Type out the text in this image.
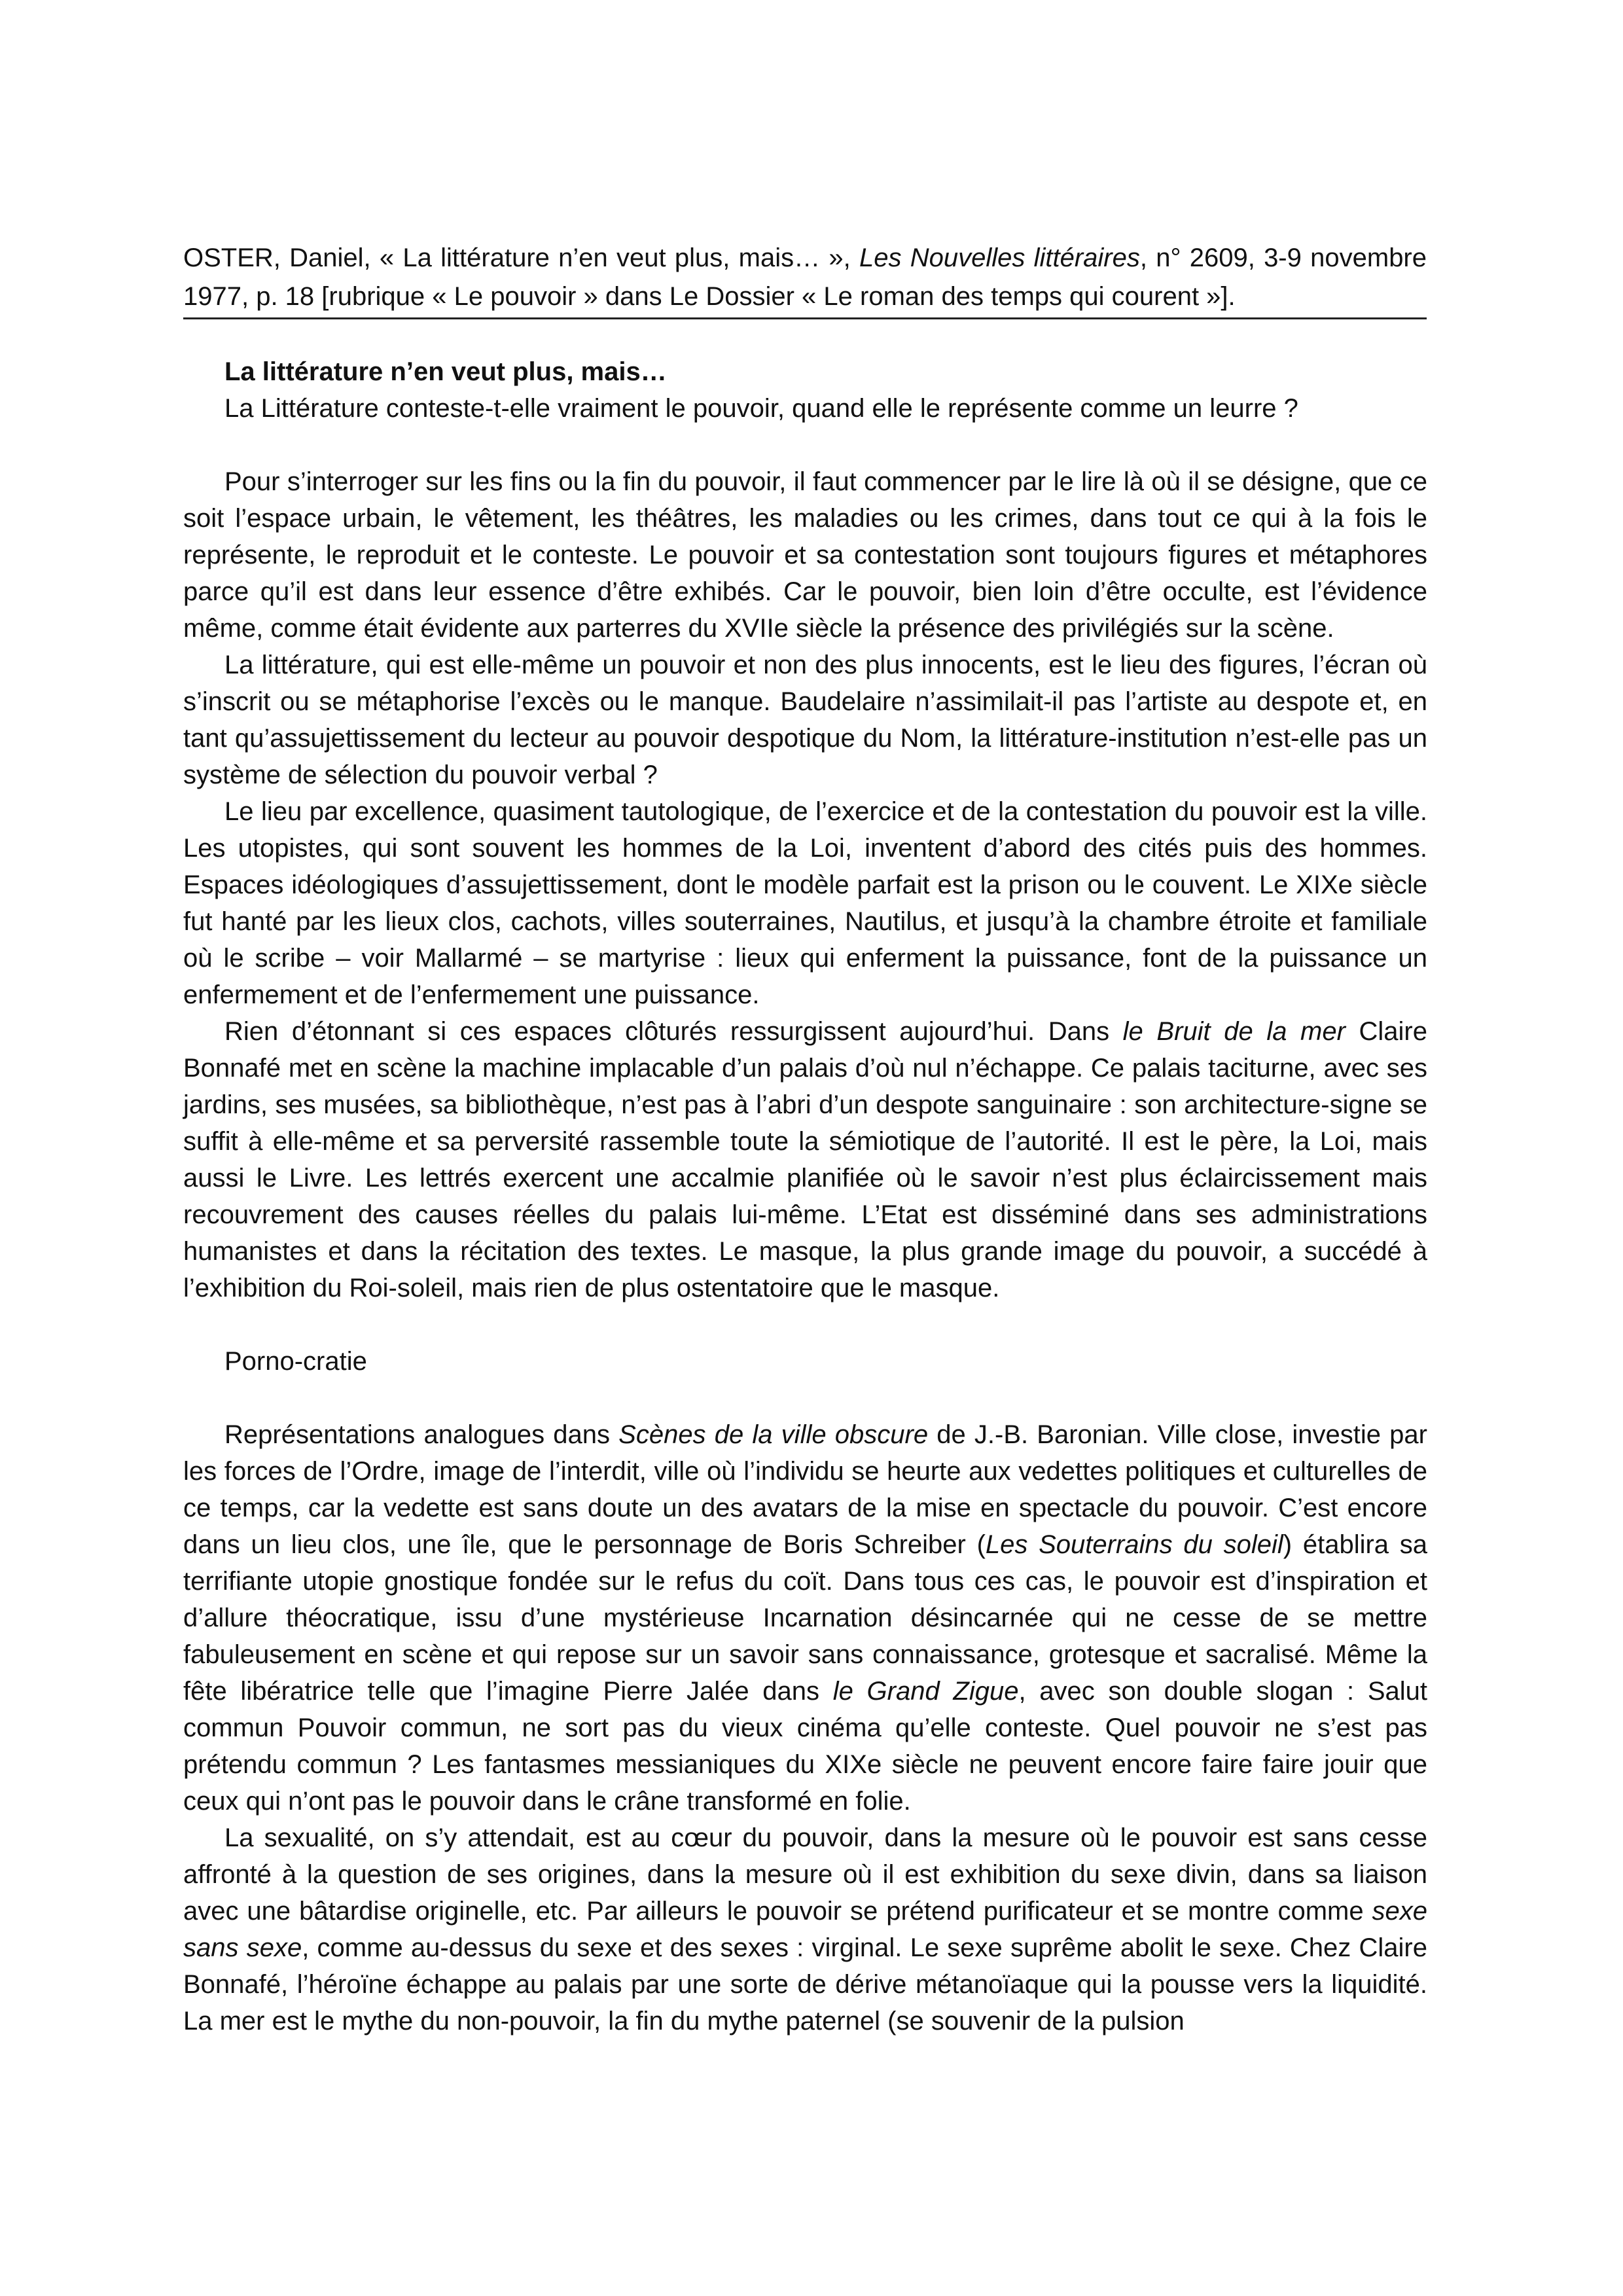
OSTER, Daniel, « La littérature n’en veut plus, mais… », Les Nouvelles littéraires, n° 2609, 3-9 novembre 1977, p. 18 [rubrique « Le pouvoir » dans Le Dossier « Le roman des temps qui courent »].

La littérature n’en veut plus, mais…

La Littérature conteste-t-elle vraiment le pouvoir, quand elle le représente comme un leurre ?

Pour s’interroger sur les fins ou la fin du pouvoir, il faut commencer par le lire là où il se désigne, que ce soit l’espace urbain, le vêtement, les théâtres, les maladies ou les crimes, dans tout ce qui à la fois le représente, le reproduit et le conteste. Le pouvoir et sa contestation sont toujours figures et métaphores parce qu’il est dans leur essence d’être exhibés. Car le pouvoir, bien loin d’être occulte, est l’évidence même, comme était évidente aux parterres du XVIIe siècle la présence des privilégiés sur la scène.

La littérature, qui est elle-même un pouvoir et non des plus innocents, est le lieu des figures, l’écran où s’inscrit ou se métaphorise l’excès ou le manque. Baudelaire n’assimilait-il pas l’artiste au despote et, en tant qu’assujettissement du lecteur au pouvoir despotique du Nom, la littérature-institution n’est-elle pas un système de sélection du pouvoir verbal ?

Le lieu par excellence, quasiment tautologique, de l’exercice et de la contestation du pouvoir est la ville. Les utopistes, qui sont souvent les hommes de la Loi, inventent d’abord des cités puis des hommes. Espaces idéologiques d’assujettissement, dont le modèle parfait est la prison ou le couvent. Le XIXe siècle fut hanté par les lieux clos, cachots, villes souterraines, Nautilus, et jusqu’à la chambre étroite et familiale où le scribe – voir Mallarmé – se martyrise : lieux qui enferment la puissance, font de la puissance un enfermement et de l’enfermement une puissance.

Rien d’étonnant si ces espaces clôturés ressurgissent aujourd’hui. Dans le Bruit de la mer Claire Bonnafé met en scène la machine implacable d’un palais d’où nul n’échappe. Ce palais taciturne, avec ses jardins, ses musées, sa bibliothèque, n’est pas à l’abri d’un despote sanguinaire : son architecture-signe se suffit à elle-même et sa perversité rassemble toute la sémiotique de l’autorité. Il est le père, la Loi, mais aussi le Livre. Les lettrés exercent une accalmie planifiée où le savoir n’est plus éclaircissement mais recouvrement des causes réelles du palais lui-même. L’Etat est disséminé dans ses administrations humanistes et dans la récitation des textes. Le masque, la plus grande image du pouvoir, a succédé à l’exhibition du Roi-soleil, mais rien de plus ostentatoire que le masque.

Porno-cratie

Représentations analogues dans Scènes de la ville obscure de J.-B. Baronian. Ville close, investie par les forces de l’Ordre, image de l’interdit, ville où l’individu se heurte aux vedettes politiques et culturelles de ce temps, car la vedette est sans doute un des avatars de la mise en spectacle du pouvoir. C’est encore dans un lieu clos, une île, que le personnage de Boris Schreiber (Les Souterrains du soleil) établira sa terrifiante utopie gnostique fondée sur le refus du coït. Dans tous ces cas, le pouvoir est d’inspiration et d’allure théocratique, issu d’une mystérieuse Incarnation désincarnée qui ne cesse de se mettre fabuleusement en scène et qui repose sur un savoir sans connaissance, grotesque et sacralisé. Même la fête libératrice telle que l’imagine Pierre Jalée dans le Grand Zigue, avec son double slogan : Salut commun Pouvoir commun, ne sort pas du vieux cinéma qu’elle conteste. Quel pouvoir ne s’est pas prétendu commun ? Les fantasmes messianiques du XIXe siècle ne peuvent encore faire faire jouir que ceux qui n’ont pas le pouvoir dans le crâne transformé en folie.

La sexualité, on s’y attendait, est au cœur du pouvoir, dans la mesure où le pouvoir est sans cesse affronté à la question de ses origines, dans la mesure où il est exhibition du sexe divin, dans sa liaison avec une bâtardise originelle, etc. Par ailleurs le pouvoir se prétend purificateur et se montre comme sexe sans sexe, comme au-dessus du sexe et des sexes : virginal. Le sexe suprême abolit le sexe. Chez Claire Bonnafé, l’héroïne échappe au palais par une sorte de dérive métanoïaque qui la pousse vers la liquidité. La mer est le mythe du non-pouvoir, la fin du mythe paternel (se souvenir de la pulsion
